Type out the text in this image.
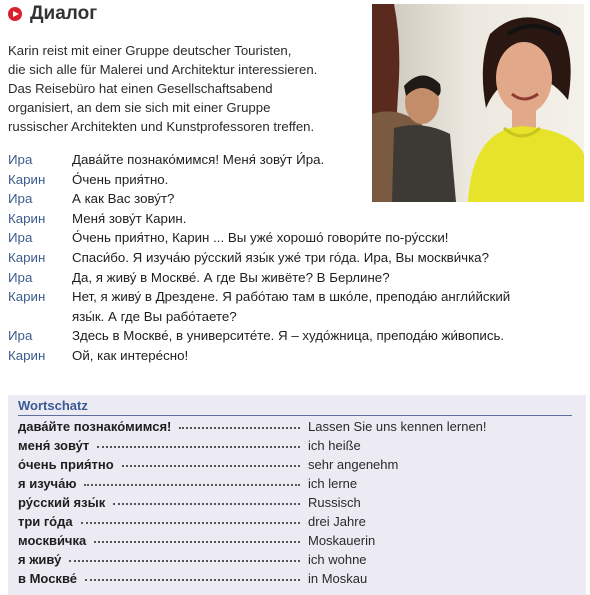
Диалог
Karin reist mit einer Gruppe deutscher Touristen,
die sich alle für Malerei und Architektur interessieren.
Das Reisebüro hat einen Gesellschaftsabend
organisiert, an dem sie sich mit einer Gruppe
russischer Architekten und Kunstprofessoren treffen.
Ира	Дава́йте познако́мимся! Меня́ зову́т И́ра.
Карин	О́чень прия́тно.
Ира	А как Вас зову́т?
Карин	Меня́ зову́т Карин.
Ира	О́чень прия́тно, Карин ... Вы уже́ хорошо́ говори́те по-ру́сски!
Карин	Спаси́бо. Я изуча́ю ру́сский язы́к уже́ три го́да. Ира, Вы москви́чка?
Ира	Да, я живу́ в Москве́. А где Вы живёте? В Берлине?
Карин	Нет, я живу́ в Дрездене. Я рабо́таю там в шко́ле, препода́ю англи́йский
язы́к. А где Вы рабо́таете?
Ира	Здесь в Москве́, в университе́те. Я – худо́жница, препода́ю жи́вопись.
Карин	Ой, как интере́сно!
Wortschatz
дава́йте познако́мимся!	Lassen Sie uns kennen lernen!
меня́ зову́т	ich heiße
о́чень прия́тно	sehr angenehm
я изуча́ю	ich lerne
ру́сский язы́к	Russisch
три го́да	drei Jahre
москви́чка	Moskauerin
я живу́	ich wohne
в Москве́	in Moskau
